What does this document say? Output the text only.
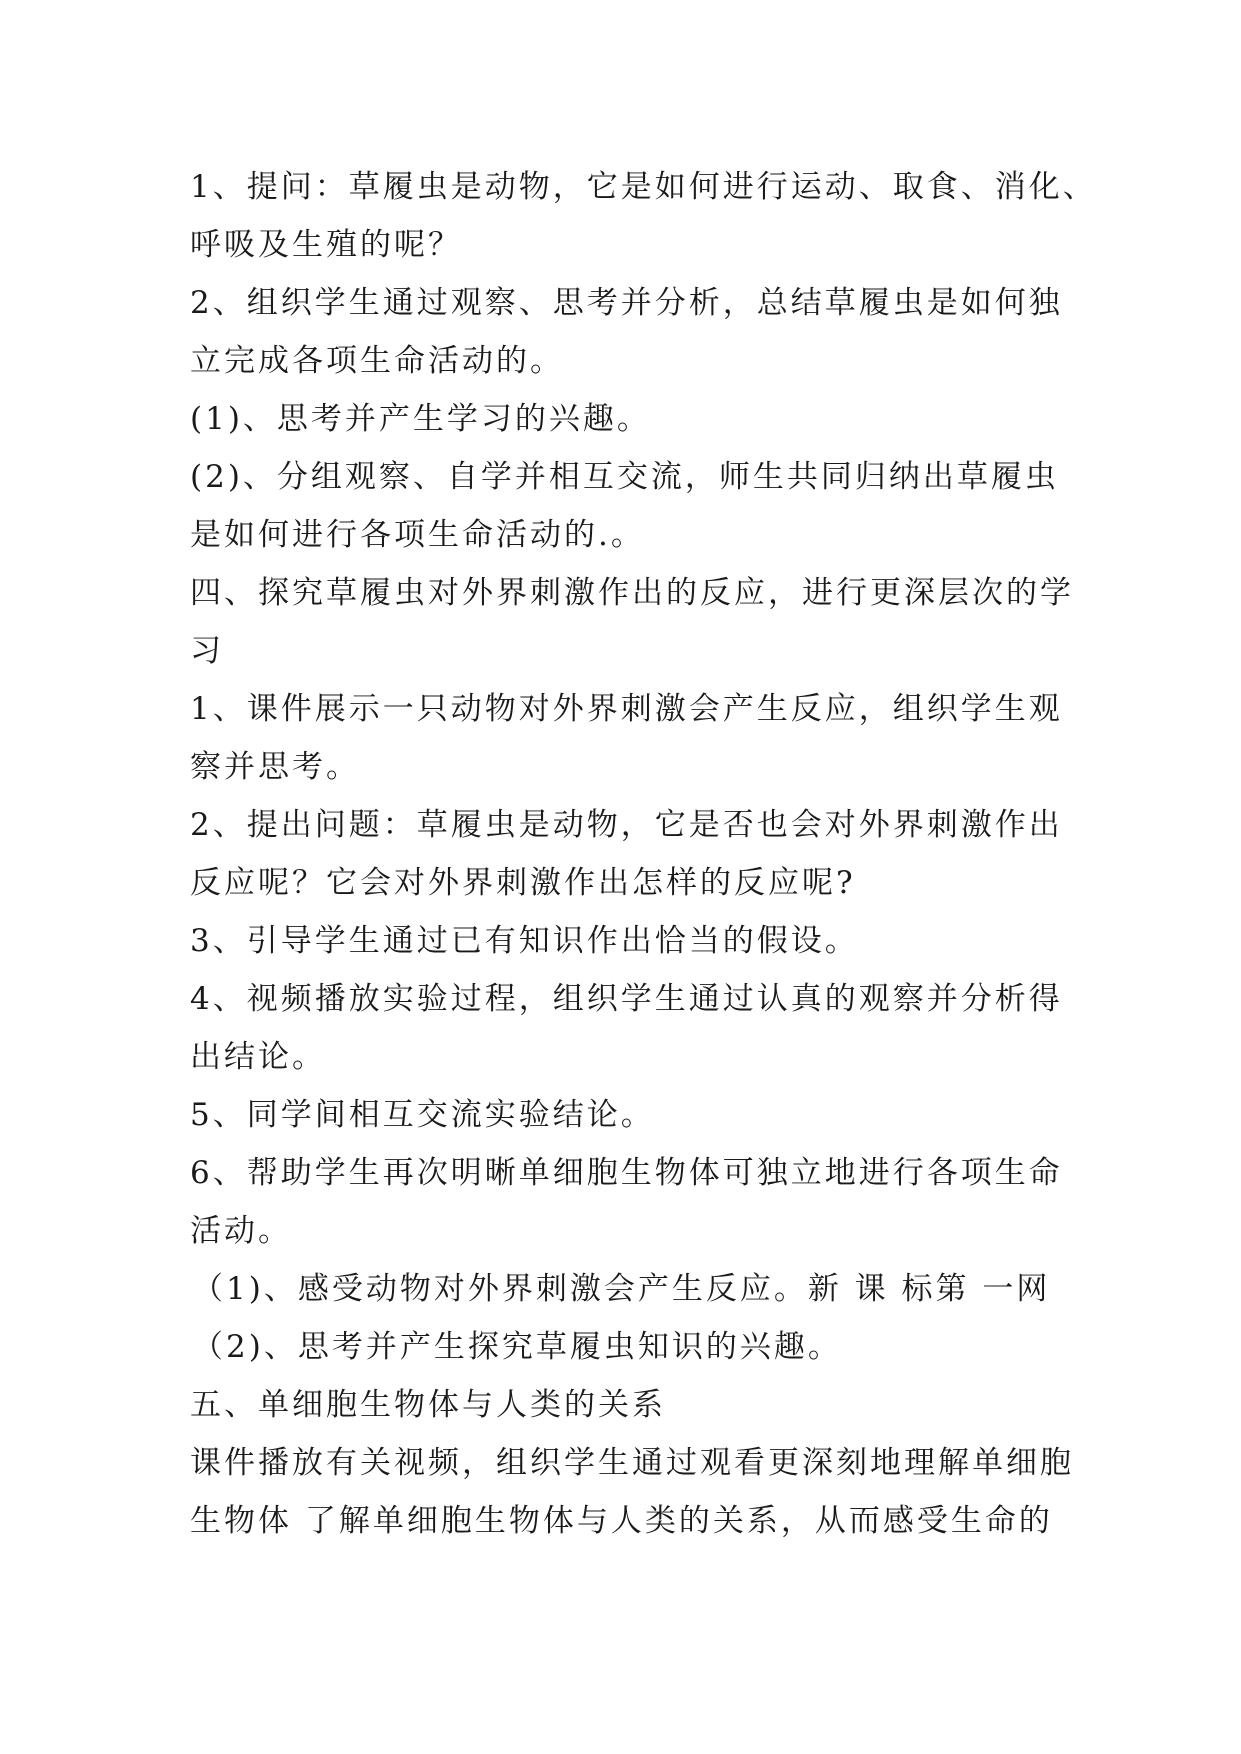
1、提问：草履虫是动物，它是如何进行运动、取食、消化、
呼吸及生殖的呢？
2、组织学生通过观察、思考并分析，总结草履虫是如何独
立完成各项生命活动的。
(1)、思考并产生学习的兴趣。
(2)、分组观察、自学并相互交流，师生共同归纳出草履虫
是如何进行各项生命活动的.。
四、探究草履虫对外界刺激作出的反应，进行更深层次的学
习
1、课件展示一只动物对外界刺激会产生反应，组织学生观
察并思考。
2、提出问题：草履虫是动物，它是否也会对外界刺激作出
反应呢？它会对外界刺激作出怎样的反应呢?
3、引导学生通过已有知识作出恰当的假设。
4、视频播放实验过程，组织学生通过认真的观察并分析得
出结论。
5、同学间相互交流实验结论。
6、帮助学生再次明晰单细胞生物体可独立地进行各项生命
活动。
（1)、感受动物对外界刺激会产生反应。新 课 标第 一网
（2)、思考并产生探究草履虫知识的兴趣。
五、单细胞生物体与人类的关系
课件播放有关视频，组织学生通过观看更深刻地理解单细胞
生物体 了解单细胞生物体与人类的关系，从而感受生命的
